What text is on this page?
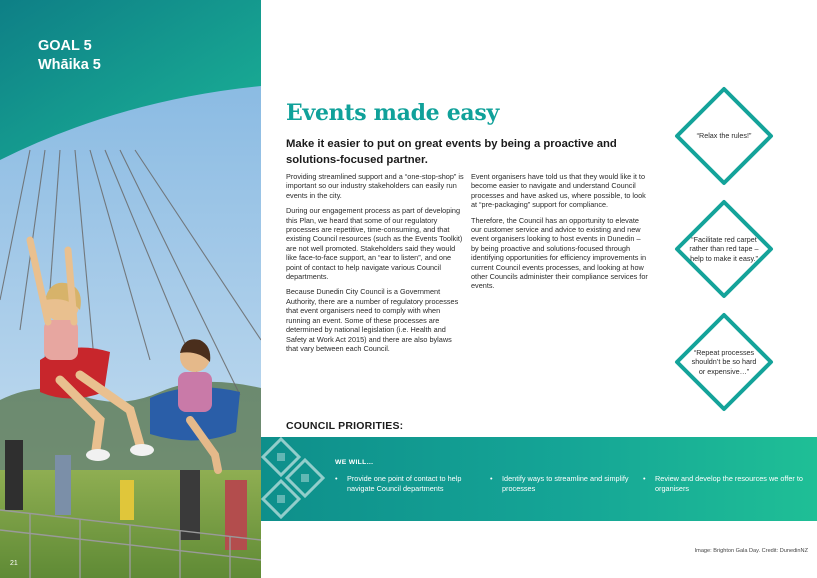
GOAL 5
Whāika 5
21
Events made easy
Make it easier to put on great events by being a proactive and solutions-focused partner.

Providing streamlined support and a “one-stop-shop” is important so our industry stakeholders can easily run events in the city.

During our engagement process as part of developing this Plan, we heard that some of our regulatory processes are repetitive, time-consuming, and that existing Council resources (such as the Events Toolkit) are not well promoted. Stakeholders said they would like face-to-face support, an “ear to listen”, and one point of contact to help navigate various Council departments.

Because Dunedin City Council is a Government Authority, there are a number of regulatory processes that event organisers need to comply with when running an event. Some of these processes are determined by national legislation (i.e. Health and Safety at Work Act 2015) and there are also bylaws that vary between each Council.

Event organisers have told us that they would like it to become easier to navigate and understand Council processes and have asked us, where possible, to look at “pre-packaging” support for compliance.

Therefore, the Council has an opportunity to elevate our customer service and advice to existing and new event organisers looking to host events in Dunedin – by being proactive and solutions-focused through identifying opportunities for efficiency improvements in current Council events processes, and looking at how other Councils administer their compliance services for events.

“Relax the rules!”
“Facilitate red carpet rather than red tape – help to make it easy.”
“Repeat processes shouldn’t be so hard or expensive…”
COUNCIL PRIORITIES:
WE WILL…
• Provide one point of contact to help navigate Council departments
• Identify ways to streamline and simplify processes
• Review and develop the resources we offer to organisers
Image: Brighton Gala Day. Credit: DunedinNZ
